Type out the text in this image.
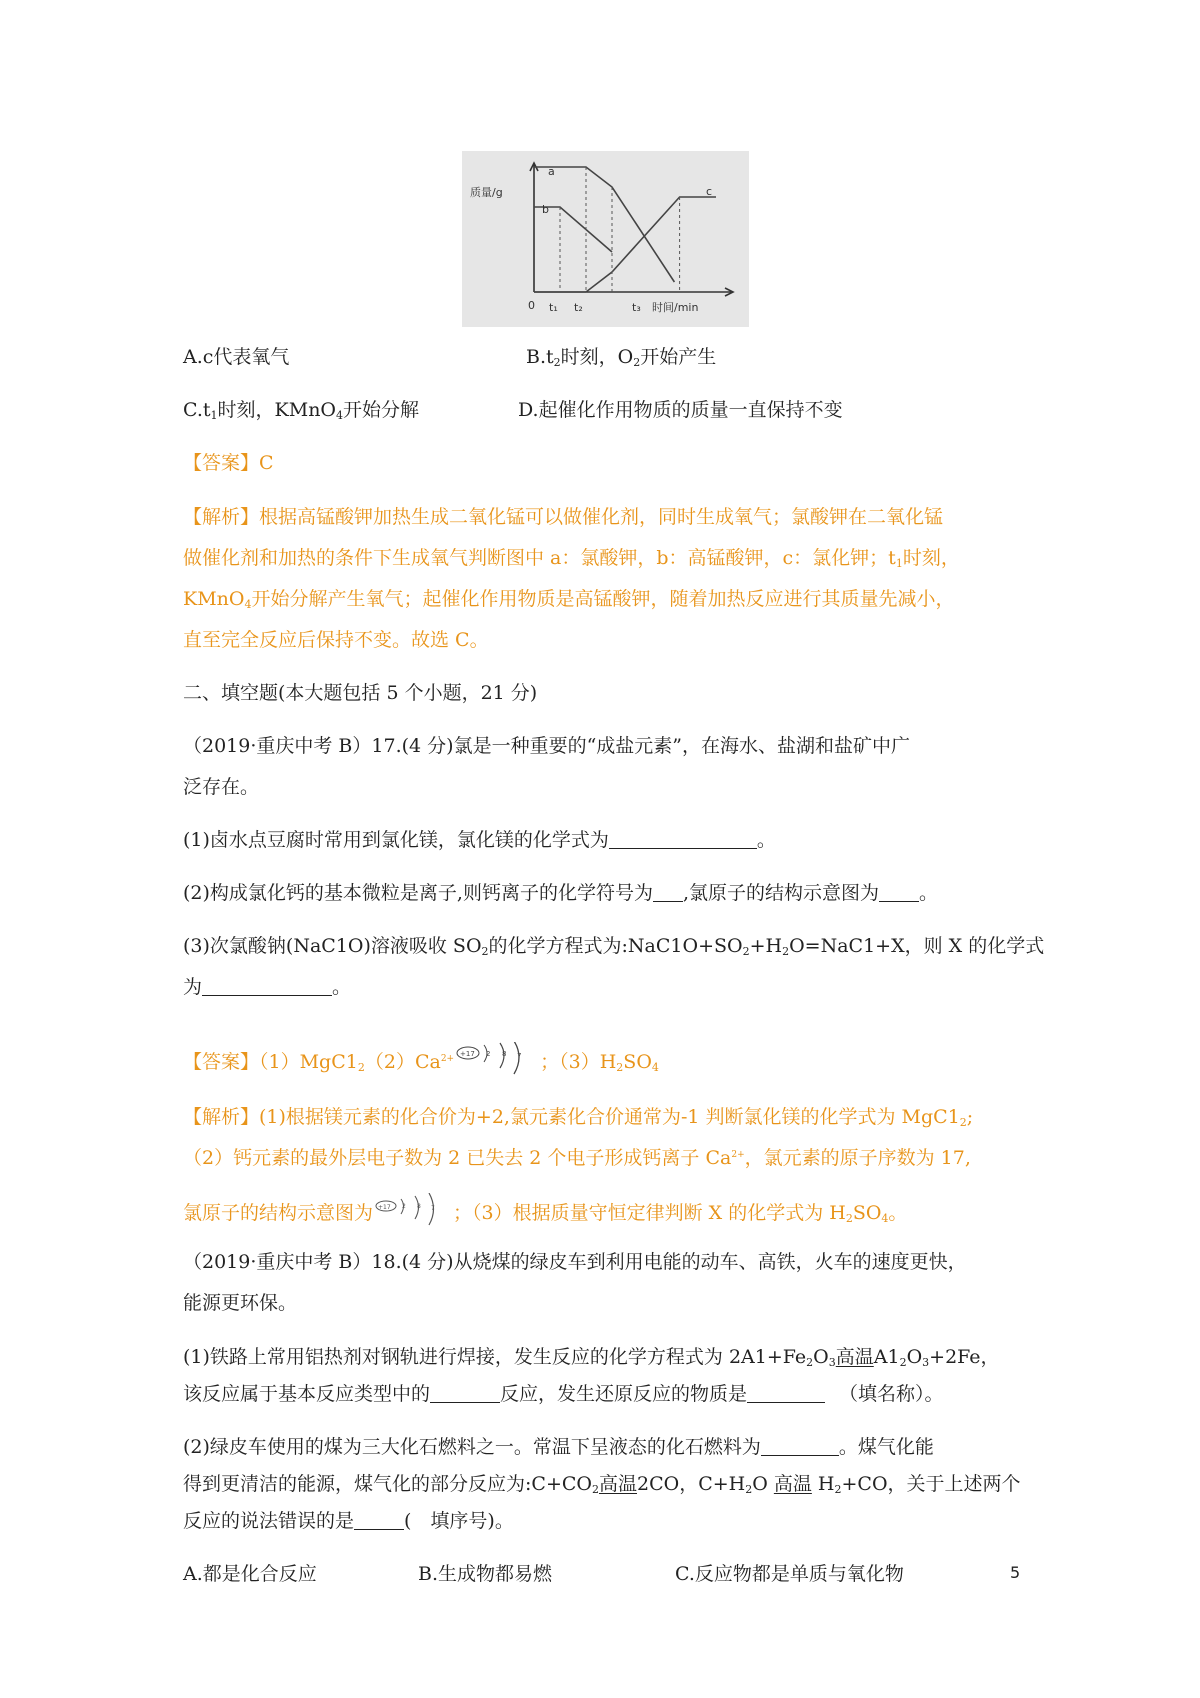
质量/g
0 t₁ t₂	t₃ 时间/min
a
b
c
A.c代表氧气	$B.t_2$时刻，$O_2$开始产生
$C.t_1$时刻，KMnO$_4$开始分解	D.起催化作用物质的质量一直保持不变
【答案】C
【解析】根据高锰酸钾加热生成二氧化锰可以做催化剂，同时生成氧气；氯酸钾在二氧化锰
做催化剂和加热的条件下生成氧气判断图中 a：氯酸钾，b：高锰酸钾，c：氯化钾；$t_1$时刻，
KMnO$_4$开始分解产生氧气；起催化作用物质是高锰酸钾，随着加热反应进行其质量先减小，
直至完全反应后保持不变。故选 C。
二、填空题(本大题包括 5 个小题，21 分)
（2019·重庆中考 B）17.(4 分)氯是一种重要的“成盐元素”，在海水、盐湖和盐矿中广
泛存在。
(1)卤水点豆腐时常用到氯化镁，氯化镁的化学式为	。
(2)构成氯化钙的基本微粒是离子,则钙离子的化学符号为 ,氯原子的结构示意图为 。
(3)次氯酸钠(NaC1O)溶液吸收 $SO_2$的化学方程式为$:NaC1O+SO_2+H_2O=NaC1+X$，则 X 的化学式
为	。
【答案】$(1)MgC1_2(2)Ca^{2+} +17$ 2 8 7 ；$(3)H_2SO_4$
【解析】(1)根据镁元素的化合价为+2,氯元素化合价通常为-1 判断氯化镁的化学式为 $MgC1_2$;
（2）钙元素的最外层电子数为 2 已失去 2 个电子形成钙离子 $Ca^{2+}$，氯元素的原子序数为 17,
氯原子的结构示意图为 +17 2 8 7 ；（3）根据质量守恒定律判断 X 的化学式为 $H_2SO_4$。
（2019·重庆中考 B）18.(4 分)从烧煤的绿皮车到利用电能的动车、高铁，火车的速度更快，
能源更环保。
(1)铁路上常用铝热剂对钢轨进行焊接，发生反应的化学方程式为 $2A1+Fe_2O_3$高温$A1_2O_3+2Fe$，
该反应属于基本反应类型中的	反应，发生还原反应的物质是	（填名称）。
(2)绿皮车使用的煤为三大化石燃料之一。常温下呈液态的化石燃料为	。煤气化能
得到更清洁的能源，煤气化的部分反应为$:C+CO_2$高温2CO，$C+H_2O$ 高温 $H_2+CO$，关于上述两个
反应的说法错误的是	(　填序号)。
A.都是化合反应	B.生成物都易燃	C.反应物都是单质与氧化物	5
